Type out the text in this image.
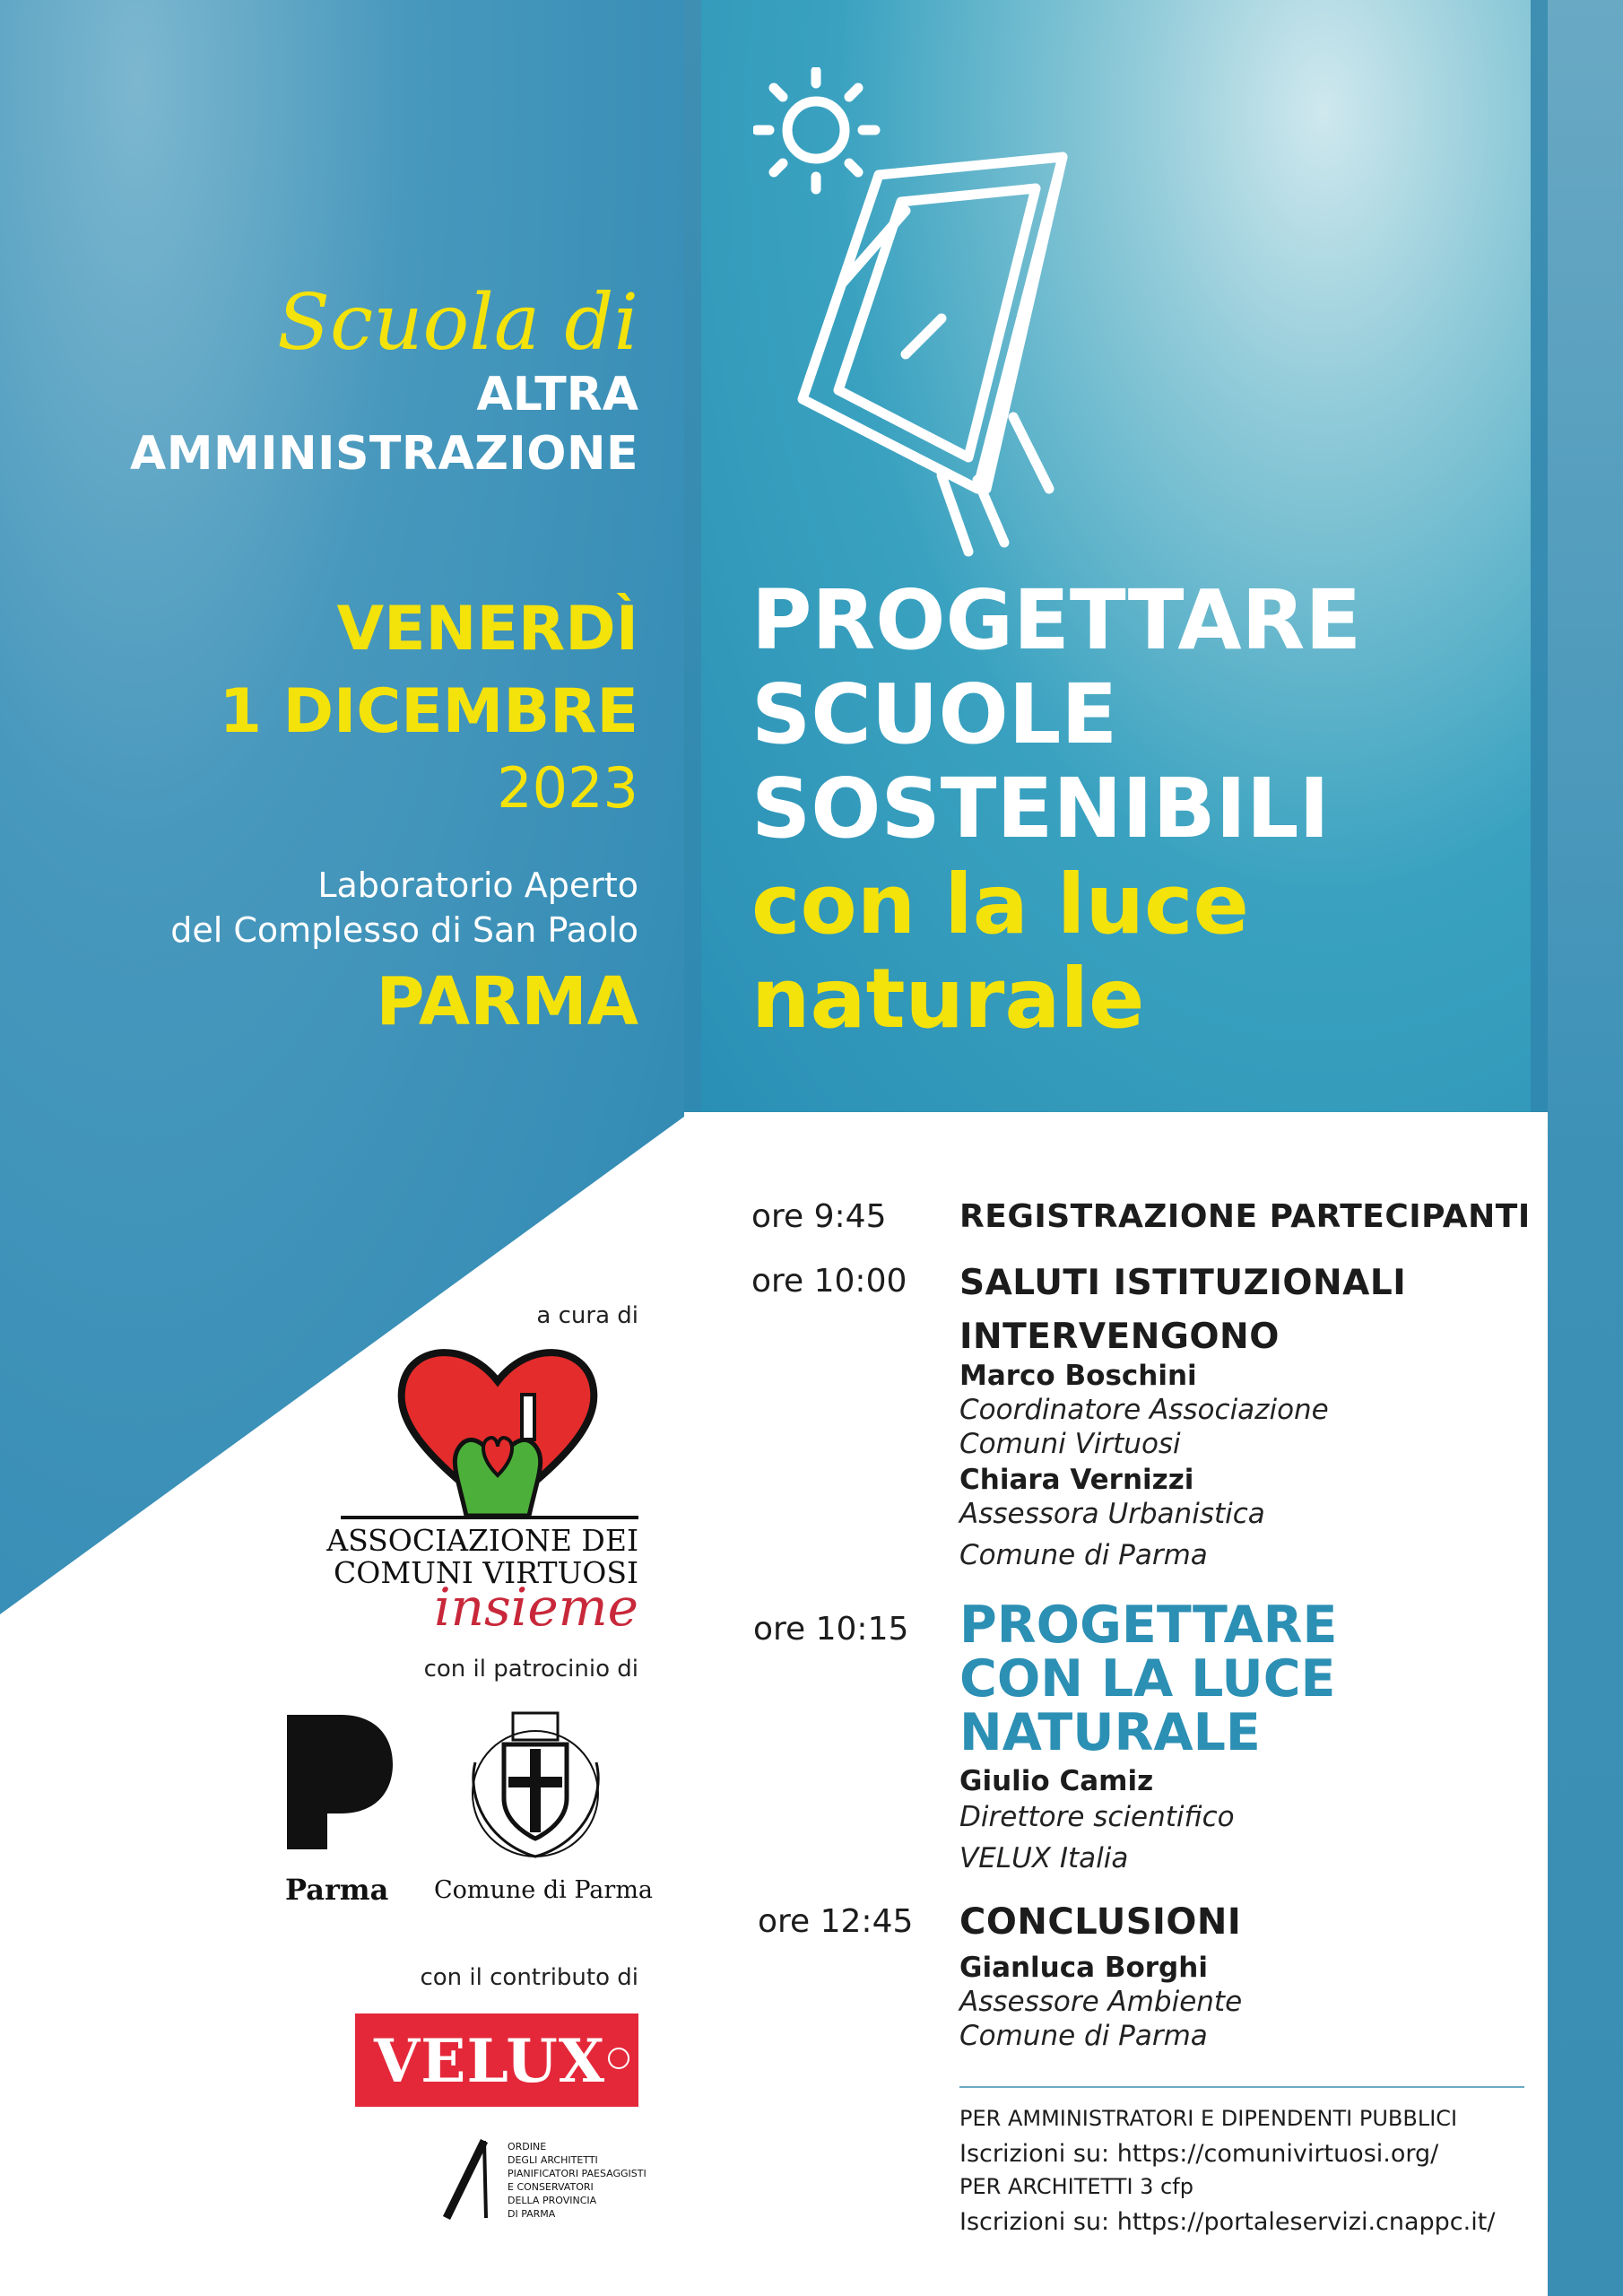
Scuola di
ALTRA
AMMINISTRAZIONE
VENERDÌ
1 DICEMBRE
2023
Laboratorio Aperto
del Complesso di San Paolo
PARMA
PROGETTARE
SCUOLE
SOSTENIBILI
con la luce
naturale
ore 9:45 REGISTRAZIONE PARTECIPANTI
ore 10:00 SALUTI ISTITUZIONALI
INTERVENGONO
Marco Boschini
Coordinatore Associazione
Comuni Virtuosi
Chiara Vernizzi
Assessora Urbanistica
Comune di Parma
ore 10:15 PROGETTARE
CON LA LUCE
NATURALE
Giulio Camiz
Direttore scientifico
VELUX Italia
ore 12:45 CONCLUSIONI
Gianluca Borghi
Assessore Ambiente
Comune di Parma
PER AMMINISTRATORI E DIPENDENTI PUBBLICI
Iscrizioni su: https://comunivirtuosi.org/
PER ARCHITETTI 3 cfp
Iscrizioni su: https://portaleservizi.cnappc.it/
a cura di
ASSOCIAZIONE DEI
COMUNI VIRTUOSI
insieme
con il patrocinio di
Parma Comune di Parma
con il contributo di
VELUX
ORDINE
DEGLI ARCHITETTI
PIANIFICATORI PAESAGGISTI
E CONSERVATORI
DELLA PROVINCIA
DI PARMA
